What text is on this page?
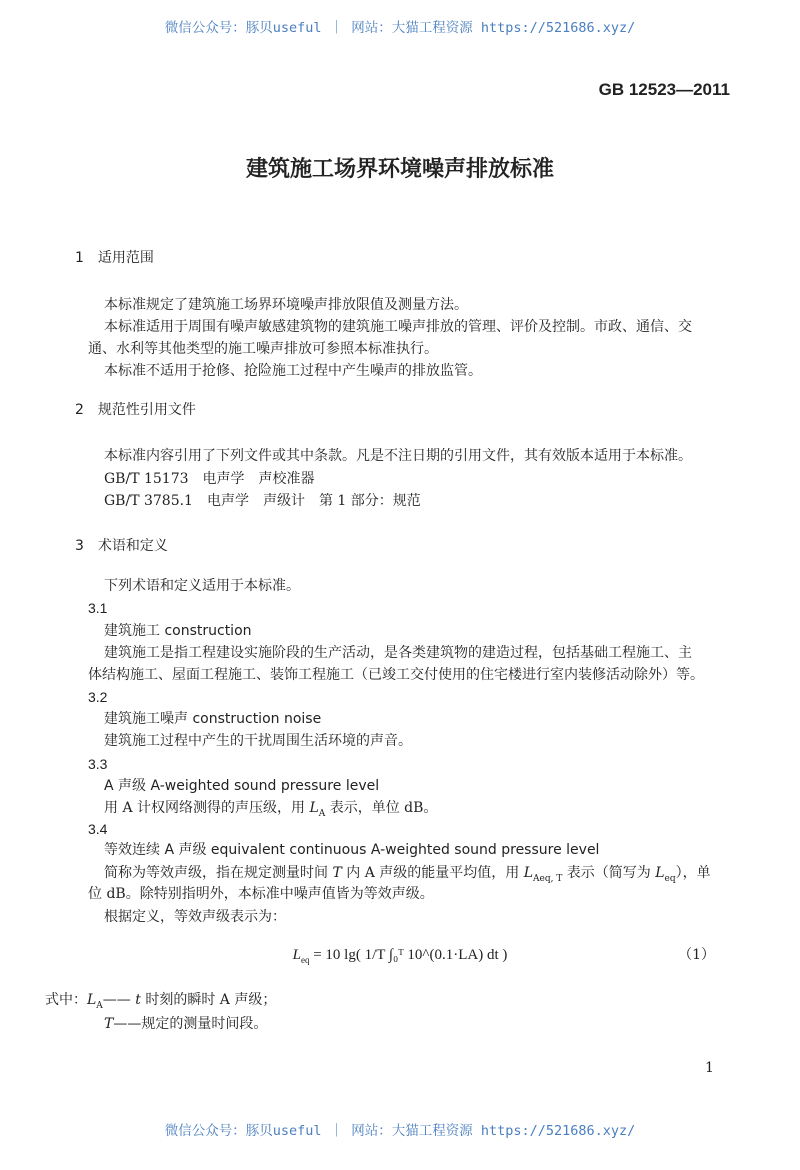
微信公众号：豚贝useful ｜ 网站：大猫工程资源 https://521686.xyz/
GB 12523—2011
建筑施工场界环境噪声排放标准
1　适用范围
本标准规定了建筑施工场界环境噪声排放限值及测量方法。
本标准适用于周围有噪声敏感建筑物的建筑施工噪声排放的管理、评价及控制。市政、通信、交
通、水利等其他类型的施工噪声排放可参照本标准执行。
本标准不适用于抢修、抢险施工过程中产生噪声的排放监管。
2　规范性引用文件
本标准内容引用了下列文件或其中条款。凡是不注日期的引用文件，其有效版本适用于本标准。
GB/T 15173　电声学　声校准器
GB/T 3785.1　电声学　声级计　第 1 部分：规范
3　术语和定义
下列术语和定义适用于本标准。
3.1
建筑施工 construction
建筑施工是指工程建设实施阶段的生产活动，是各类建筑物的建造过程，包括基础工程施工、主
体结构施工、屋面工程施工、装饰工程施工（已竣工交付使用的住宅楼进行室内装修活动除外）等。
3.2
建筑施工噪声 construction noise
建筑施工过程中产生的干扰周围生活环境的声音。
3.3
A 声级 A-weighted sound pressure level
用 A 计权网络测得的声压级，用 $L_A$ 表示，单位 dB。
3.4
等效连续 A 声级 equivalent continuous A-weighted sound pressure level
简称为等效声级，指在规定测量时间 T 内 A 声级的能量平均值，用 $L_{Aeq, T}$ 表示（简写为 $L_{eq}$），单
位 dB。除特别指明外，本标准中噪声值皆为等效声级。
根据定义，等效声级表示为：
$L_{eq} = 10$ lg( 1/T ∫₀ᵀ 10^(0.1·LA) dt )	（1）
式中：$L_A——$ t 时刻的瞬时 A 声级；
T——规定的测量时间段。
1
微信公众号：豚贝useful ｜ 网站：大猫工程资源 https://521686.xyz/
